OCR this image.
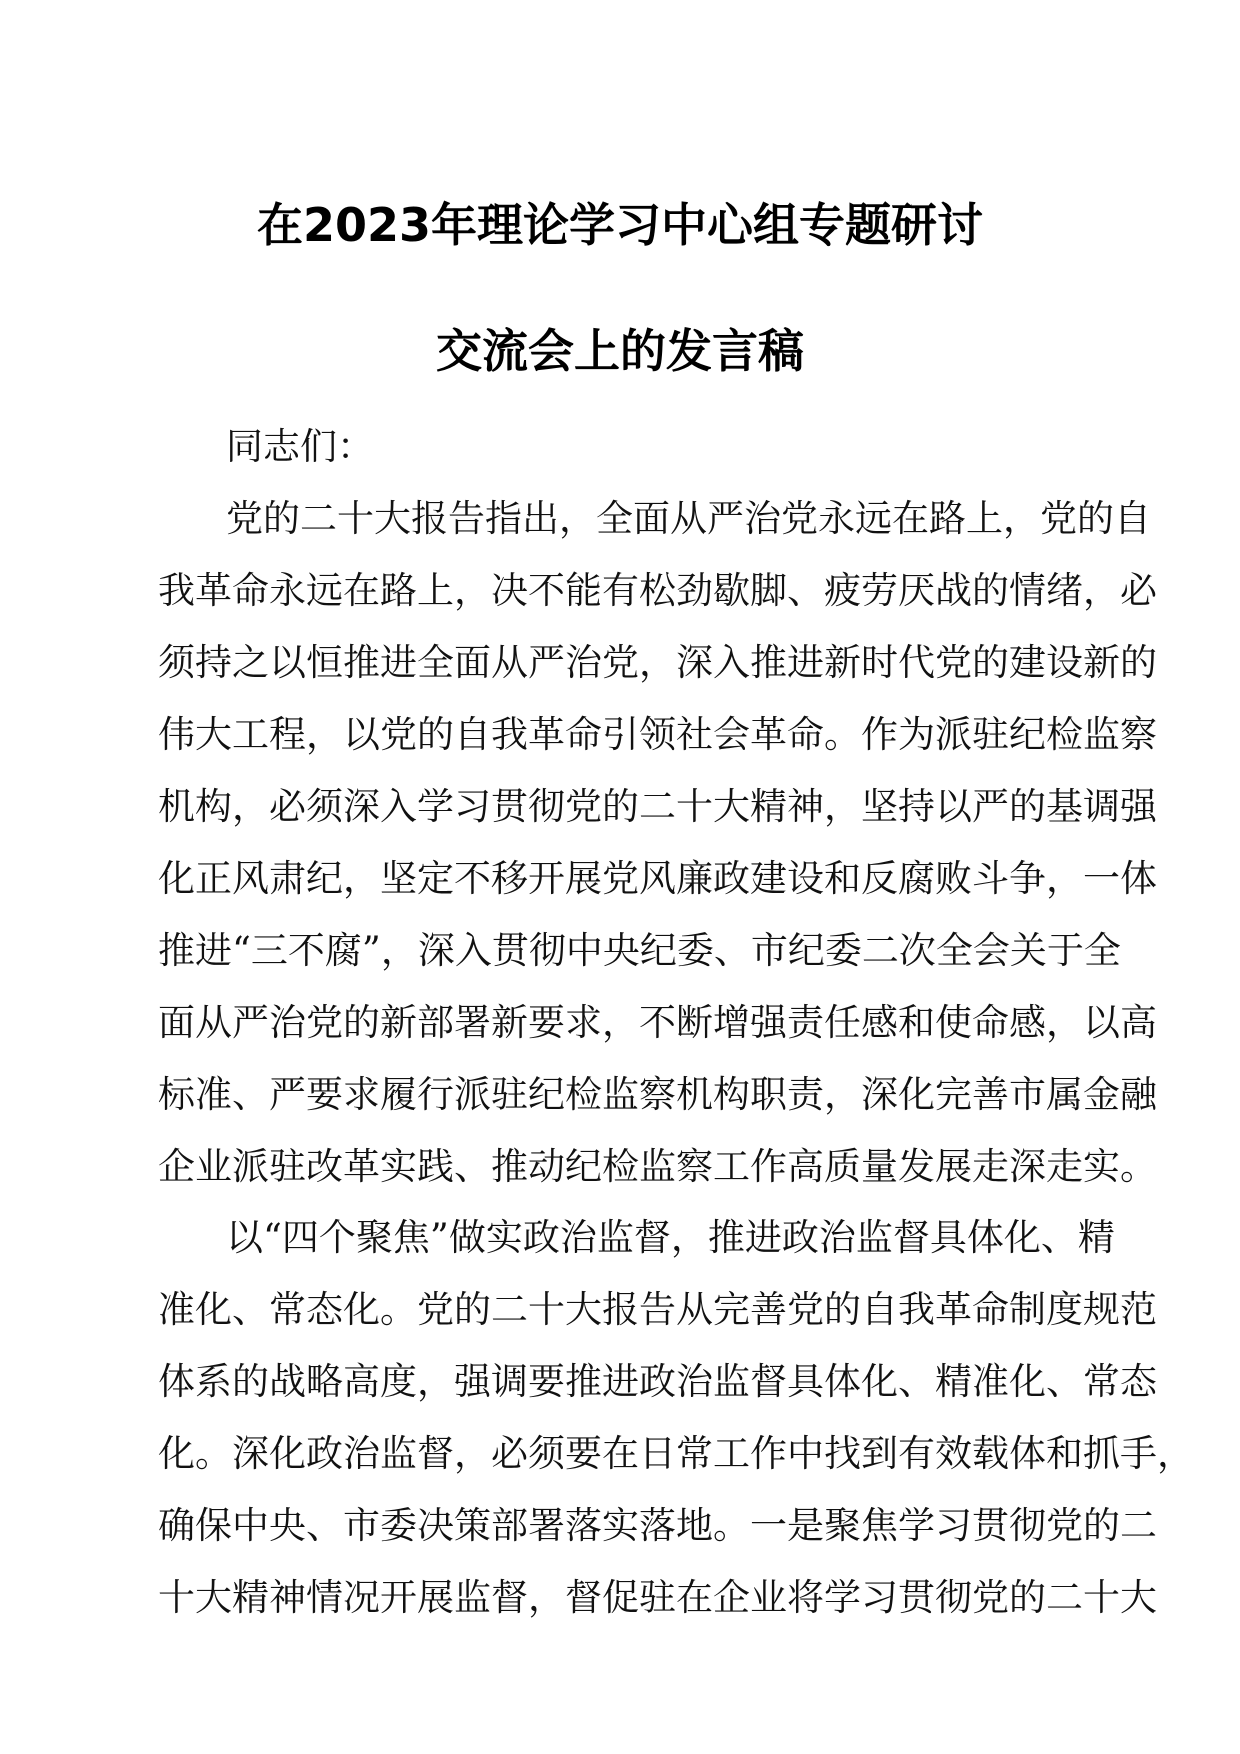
在2023年理论学习中心组专题研讨
交流会上的发言稿
同志们：
党的二十大报告指出，全面从严治党永远在路上，党的自
我革命永远在路上，决不能有松劲歇脚、疲劳厌战的情绪，必
须持之以恒推进全面从严治党，深入推进新时代党的建设新的
伟大工程，以党的自我革命引领社会革命。作为派驻纪检监察
机构，必须深入学习贯彻党的二十大精神，坚持以严的基调强
化正风肃纪，坚定不移开展党风廉政建设和反腐败斗争，一体
推进“三不腐”，深入贯彻中央纪委、市纪委二次全会关于全
面从严治党的新部署新要求，不断增强责任感和使命感，以高
标准、严要求履行派驻纪检监察机构职责，深化完善市属金融
企业派驻改革实践、推动纪检监察工作高质量发展走深走实。
以“四个聚焦”做实政治监督，推进政治监督具体化、精
准化、常态化。党的二十大报告从完善党的自我革命制度规范
体系的战略高度，强调要推进政治监督具体化、精准化、常态
化。深化政治监督，必须要在日常工作中找到有效载体和抓手，
确保中央、市委决策部署落实落地。一是聚焦学习贯彻党的二
十大精神情况开展监督，督促驻在企业将学习贯彻党的二十大
